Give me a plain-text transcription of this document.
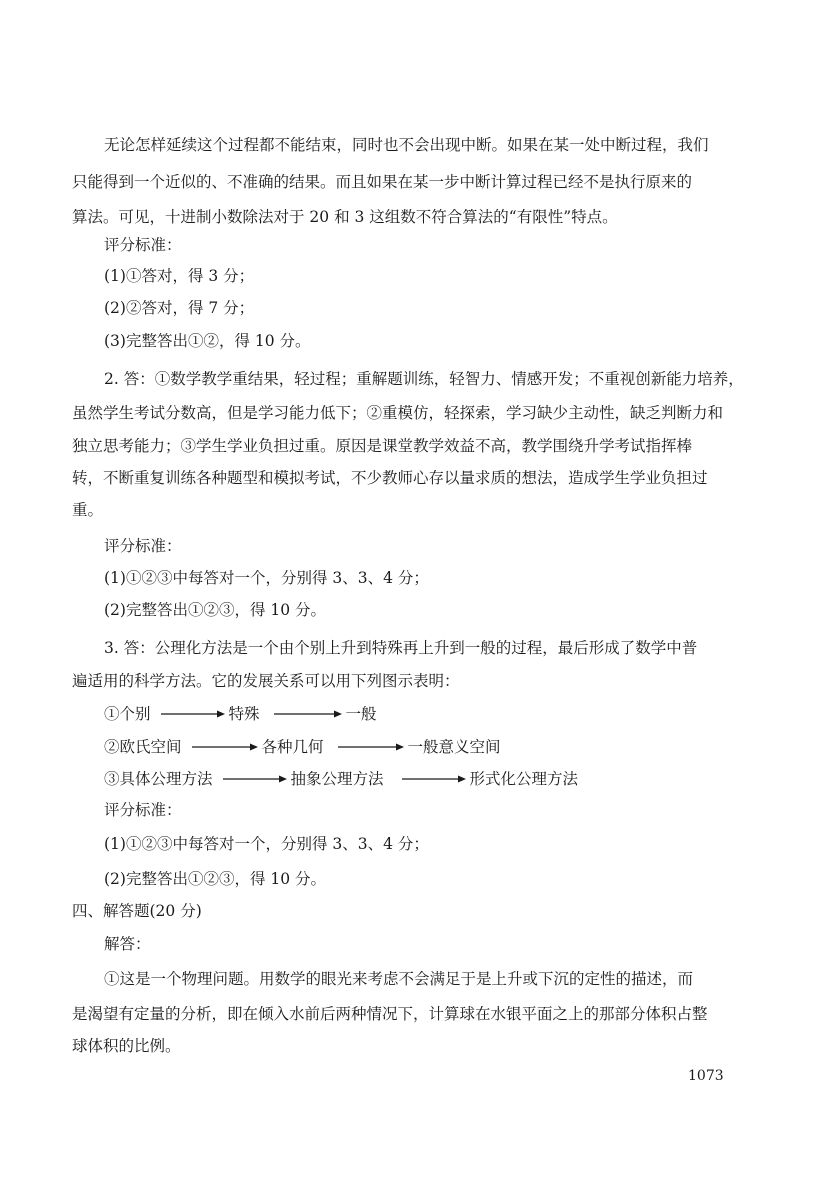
无论怎样延续这个过程都不能结束，同时也不会出现中断。如果在某一处中断过程，我们
只能得到一个近似的、不准确的结果。而且如果在某一步中断计算过程已经不是执行原来的
算法。可见，十进制小数除法对于 20 和 3 这组数不符合算法的“有限性”特点。
评分标准：
(1)①答对，得 3 分；
(2)②答对，得 7 分；
(3)完整答出①②，得 10 分。
2. 答：①数学教学重结果，轻过程；重解题训练，轻智力、情感开发；不重视创新能力培养，
虽然学生考试分数高，但是学习能力低下；②重模仿，轻探索，学习缺少主动性，缺乏判断力和
独立思考能力；③学生学业负担过重。原因是课堂教学效益不高，教学围绕升学考试指挥棒
转，不断重复训练各种题型和模拟考试，不少教师心存以量求质的想法，造成学生学业负担过
重。
评分标准：
(1)①②③中每答对一个，分别得 3、3、4 分；
(2)完整答出①②③，得 10 分。
3. 答：公理化方法是一个由个别上升到特殊再上升到一般的过程，最后形成了数学中普
遍适用的科学方法。它的发展关系可以用下列图示表明：
①个别	特殊	一般
②欧氏空间	各种几何	一般意义空间
③具体公理方法	抽象公理方法	形式化公理方法
评分标准：
(1)①②③中每答对一个，分别得 3、3、4 分；
(2)完整答出①②③，得 10 分。
四、解答题(20 分)
解答：
①这是一个物理问题。用数学的眼光来考虑不会满足于是上升或下沉的定性的描述，而
是渴望有定量的分析，即在倾入水前后两种情况下，计算球在水银平面之上的那部分体积占整
球体积的比例。
1073
